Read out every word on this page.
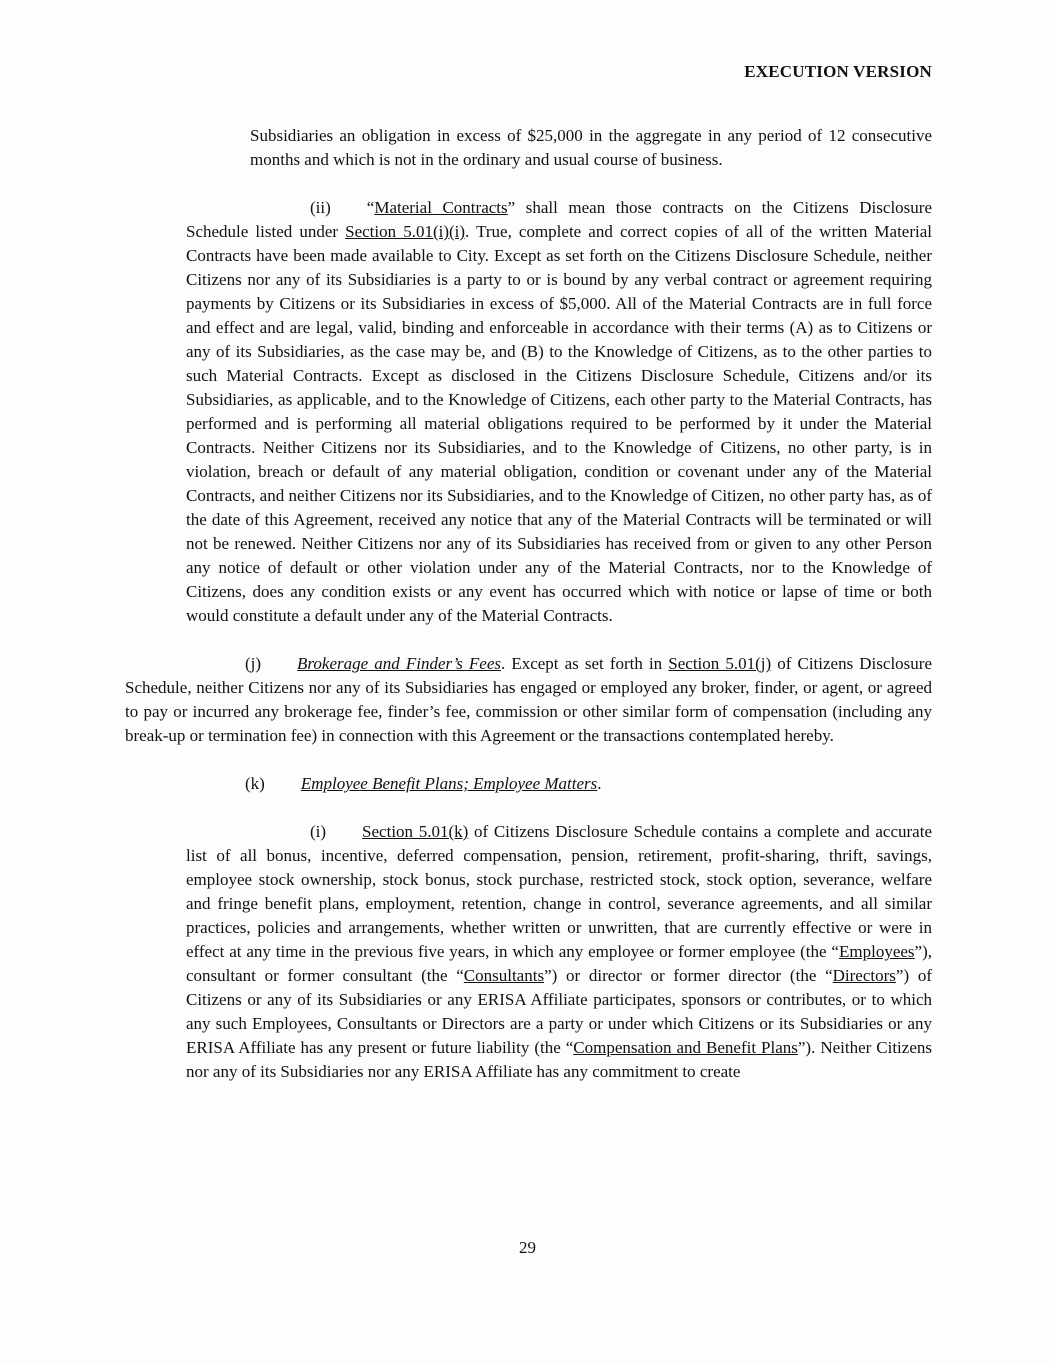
EXECUTION VERSION

Subsidiaries an obligation in excess of $25,000 in the aggregate in any period of 12 consecutive months and which is not in the ordinary and usual course of business.

(ii) “Material Contracts” shall mean those contracts on the Citizens Disclosure Schedule listed under Section 5.01(i)(i). True, complete and correct copies of all of the written Material Contracts have been made available to City. Except as set forth on the Citizens Disclosure Schedule, neither Citizens nor any of its Subsidiaries is a party to or is bound by any verbal contract or agreement requiring payments by Citizens or its Subsidiaries in excess of $5,000. All of the Material Contracts are in full force and effect and are legal, valid, binding and enforceable in accordance with their terms (A) as to Citizens or any of its Subsidiaries, as the case may be, and (B) to the Knowledge of Citizens, as to the other parties to such Material Contracts. Except as disclosed in the Citizens Disclosure Schedule, Citizens and/or its Subsidiaries, as applicable, and to the Knowledge of Citizens, each other party to the Material Contracts, has performed and is performing all material obligations required to be performed by it under the Material Contracts. Neither Citizens nor its Subsidiaries, and to the Knowledge of Citizens, no other party, is in violation, breach or default of any material obligation, condition or covenant under any of the Material Contracts, and neither Citizens nor its Subsidiaries, and to the Knowledge of Citizen, no other party has, as of the date of this Agreement, received any notice that any of the Material Contracts will be terminated or will not be renewed. Neither Citizens nor any of its Subsidiaries has received from or given to any other Person any notice of default or other violation under any of the Material Contracts, nor to the Knowledge of Citizens, does any condition exists or any event has occurred which with notice or lapse of time or both would constitute a default under any of the Material Contracts.

(j) Brokerage and Finder’s Fees. Except as set forth in Section 5.01(j) of Citizens Disclosure Schedule, neither Citizens nor any of its Subsidiaries has engaged or employed any broker, finder, or agent, or agreed to pay or incurred any brokerage fee, finder’s fee, commission or other similar form of compensation (including any break-up or termination fee) in connection with this Agreement or the transactions contemplated hereby.

(k) Employee Benefit Plans; Employee Matters.

(i) Section 5.01(k) of Citizens Disclosure Schedule contains a complete and accurate list of all bonus, incentive, deferred compensation, pension, retirement, profit-sharing, thrift, savings, employee stock ownership, stock bonus, stock purchase, restricted stock, stock option, severance, welfare and fringe benefit plans, employment, retention, change in control, severance agreements, and all similar practices, policies and arrangements, whether written or unwritten, that are currently effective or were in effect at any time in the previous five years, in which any employee or former employee (the “Employees”), consultant or former consultant (the “Consultants”) or director or former director (the “Directors”) of Citizens or any of its Subsidiaries or any ERISA Affiliate participates, sponsors or contributes, or to which any such Employees, Consultants or Directors are a party or under which Citizens or its Subsidiaries or any ERISA Affiliate has any present or future liability (the “Compensation and Benefit Plans”). Neither Citizens nor any of its Subsidiaries nor any ERISA Affiliate has any commitment to create

29
